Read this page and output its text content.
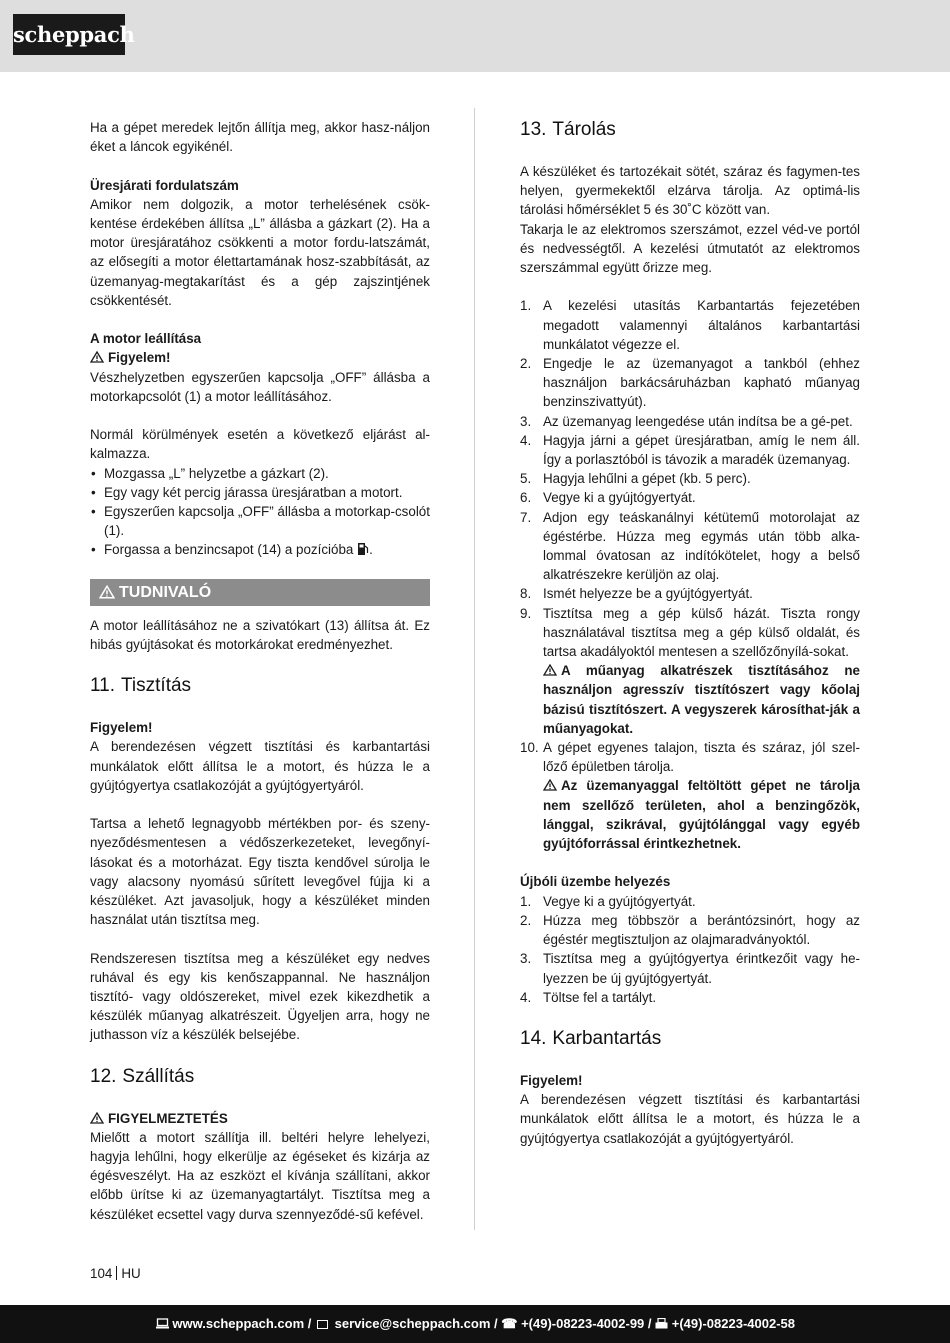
scheppach

Ha a gépet meredek lejtőn állítja meg, akkor hasz-náljon éket a láncok egyikénél.

Üresjárati fordulatszám

Amikor nem dolgozik, a motor terhelésének csök-kentése érdekében állítsa „L” állásba a gázkart (2). Ha a motor üresjáratához csökkenti a motor fordu-latszámát, az elősegíti a motor élettartamának hosz-szabbítását, az üzemanyag-megtakarítást és a gép zajszintjének csökkentését.

A motor leállítása

Figyelem!

Vészhelyzetben egyszerűen kapcsolja „OFF” állásba a motorkapcsolót (1) a motor leállításához.

Normál körülmények esetén a következő eljárást al-kalmazza.

• Mozgassa „L” helyzetbe a gázkart (2).
• Egy vagy két percig járassa üresjáratban a motort.
• Egyszerűen kapcsolja „OFF” állásba a motorkap-csolót (1).
• Forgassa a benzincsapot (14) a pozícióba .
TUDNIVALÓ

A motor leállításához ne a szivatókart (13) állítsa át. Ez hibás gyújtásokat és motorkárokat eredményezhet.

11. Tisztítás

Figyelem!

A berendezésen végzett tisztítási és karbantartási munkálatok előtt állítsa le a motort, és húzza le a gyújtógyertya csatlakozóját a gyújtógyertyáról.

Tartsa a lehető legnagyobb mértékben por- és szeny-nyeződésmentesen a védőszerkezeteket, levegőnyí-lásokat és a motorházat. Egy tiszta kendővel súrolja le vagy alacsony nyomású sűrített levegővel fújja ki a készüléket. Azt javasoljuk, hogy a készüléket minden használat után tisztítsa meg.

Rendszeresen tisztítsa meg a készüléket egy nedves ruhával és egy kis kenőszappannal. Ne használjon tisztító- vagy oldószereket, mivel ezek kikezdhetik a készülék műanyag alkatrészeit. Ügyeljen arra, hogy ne juthasson víz a készülék belsejébe.

12. Szállítás

FIGYELMEZTETÉS

Mielőtt a motort szállítja ill. beltéri helyre lehelyezi, hagyja lehűlni, hogy elkerülje az égéseket és kizárja az égésveszélyt. Ha az eszközt el kívánja szállítani, akkor előbb ürítse ki az üzemanyagtartályt. Tisztítsa meg a készüléket ecsettel vagy durva szennyeződé-sű kefével.

13. Tárolás

A készüléket és tartozékait sötét, száraz és fagymen-tes helyen, gyermekektől elzárva tárolja. Az optimá-lis tárolási hőmérséklet 5 és 30˚C között van.

Takarja le az elektromos szerszámot, ezzel véd-ve portól és nedvességtől. A kezelési útmutatót az elektromos szerszámmal együtt őrizze meg.

1. A kezelési utasítás Karbantartás fejezetében megadott valamennyi általános karbantartási munkálatot végezze el.
2. Engedje le az üzemanyagot a tankból (ehhez használjon barkácsáruházban kapható műanyag benzinszivattyút).
3. Az üzemanyag leengedése után indítsa be a gé-pet.
4. Hagyja járni a gépet üresjáratban, amíg le nem áll. Így a porlasztóból is távozik a maradék üzemanyag.
5. Hagyja lehűlni a gépet (kb. 5 perc).
6. Vegye ki a gyújtógyertyát.
7. Adjon egy teáskanálnyi kétütemű motorolajat az égéstérbe. Húzza meg egymás után több alka-lommal óvatosan az indítókötelet, hogy a belső alkatrészekre kerüljön az olaj.
8. Ismét helyezze be a gyújtógyertyát.
9. Tisztítsa meg a gép külső házát. Tiszta rongy használatával tisztítsa meg a gép külső oldalát, és tartsa akadályoktól mentesen a szellőzőnyílá-sokat.
A műanyag alkatrészek tisztításához ne használjon agresszív tisztítószert vagy kőolaj bázisú tisztítószert. A vegyszerek károsíthat-ják a műanyagokat.
10. A gépet egyenes talajon, tiszta és száraz, jól szel-lőző épületben tárolja.
Az üzemanyaggal feltöltött gépet ne tárolja nem szellőző területen, ahol a benzingőzök, lánggal, szikrával, gyújtólánggal vagy egyéb gyújtóforrással érintkezhetnek.

Újbóli üzembe helyezés

1. Vegye ki a gyújtógyertyát.
2. Húzza meg többször a berántózsinórt, hogy az égéstér megtisztuljon az olajmaradványoktól.
3. Tisztítsa meg a gyújtógyertya érintkezőit vagy he-lyezzen be új gyújtógyertyát.
4. Töltse fel a tartályt.
14. Karbantartás

Figyelem!

A berendezésen végzett tisztítási és karbantartási munkálatok előtt állítsa le a motort, és húzza le a gyújtógyertya csatlakozóját a gyújtógyertyáról.

104 HU
www.scheppach.com / service@scheppach.com / ☎ +(49)-08223-4002-99 / +(49)-08223-4002-58
